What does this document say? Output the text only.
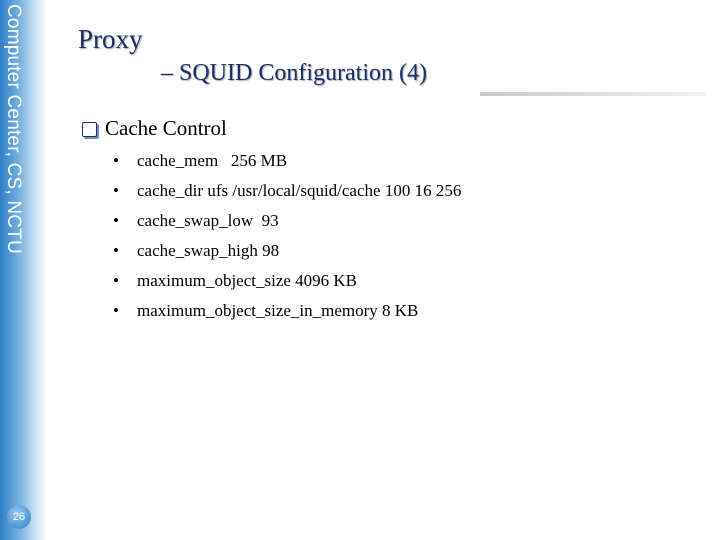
Computer Center, CS, NCTU
26
Proxy
– SQUID Configuration (4)
Cache Control
•	cache_mem   256 MB
•	cache_dir ufs /usr/local/squid/cache 100 16 256
•	cache_swap_low  93
•	cache_swap_high 98
•	maximum_object_size 4096 KB
•	maximum_object_size_in_memory 8 KB
